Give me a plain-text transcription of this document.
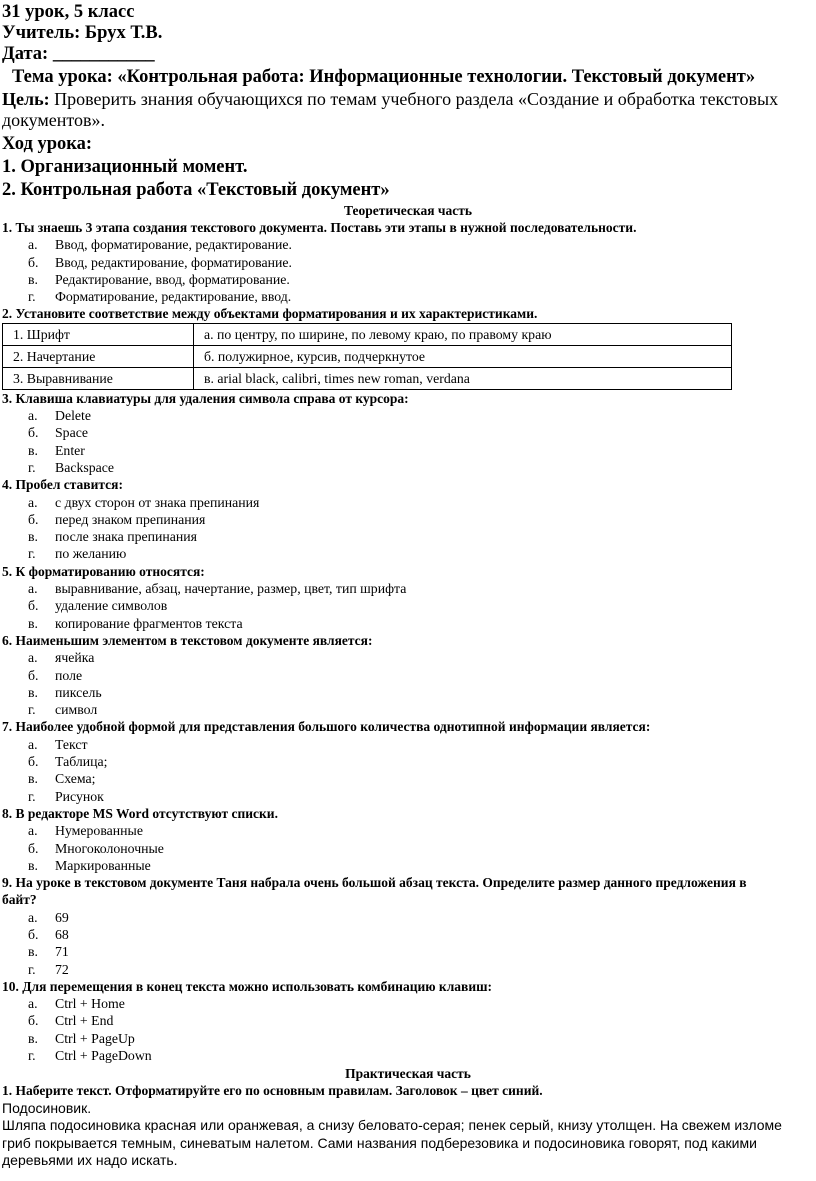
31 урок, 5 класс
Учитель: Брух Т.В.
Дата: ___________
Тема урока: «Контрольная работа: Информационные технологии. Текстовый документ»
Цель: Проверить знания обучающихся по темам учебного раздела «Создание и обработка текстовых документов».
Ход урока:
1. Организационный момент.
2. Контрольная работа «Текстовый документ»
Теоретическая часть
1. Ты знаешь 3 этапа создания текстового документа. Поставь эти этапы в нужной последовательности.
а. Ввод, форматирование, редактирование.
б. Ввод, редактирование, форматирование.
в. Редактирование, ввод, форматирование.
г. Форматирование, редактирование, ввод.
2. Установите соответствие между объектами форматирования и их характеристиками.
1. Шрифт	а. по центру, по ширине, по левому краю, по правому краю
2. Начертание	б. полужирное, курсив, подчеркнутое
3. Выравнивание	в. arial black, calibri, times new roman, verdana
3. Клавиша клавиатуры для удаления символа справа от курсора:
а. Delete
б. Space
в. Enter
г. Backspace
4. Пробел ставится:
а. с двух сторон от знака препинания
б. перед знаком препинания
в. после знака препинания
г. по желанию
5. К форматированию относятся:
а. выравнивание, абзац, начертание, размер, цвет, тип шрифта
б. удаление символов
в. копирование фрагментов текста
6. Наименьшим элементом в текстовом документе является:
а. ячейка
б. поле
в. пиксель
г. символ
7. Наиболее удобной формой для представления большого количества однотипной информации является:
а. Текст
б. Таблица;
в. Схема;
г. Рисунок
8. В редакторе MS Word отсутствуют списки.
а. Нумерованные
б. Многоколоночные
в. Маркированные
9. На уроке в текстовом документе Таня набрала очень большой абзац текста. Определите размер данного предложения в байт?
а. 69
б. 68
в. 71
г. 72
10. Для перемещения в конец текста можно использовать комбинацию клавиш:
а. Ctrl + Home
б. Ctrl + End
в. Ctrl + PageUp
г. Ctrl + PageDown
Практическая часть
1. Наберите текст. Отформатируйте его по основным правилам. Заголовок – цвет синий.
Подосиновик.
Шляпа подосиновика красная или оранжевая, а снизу беловато-серая; пенек серый, книзу утолщен. На свежем изломе гриб покрывается темным, синеватым налетом. Сами названия подберезовика и подосиновика говорят, под какими деревьями их надо искать.
